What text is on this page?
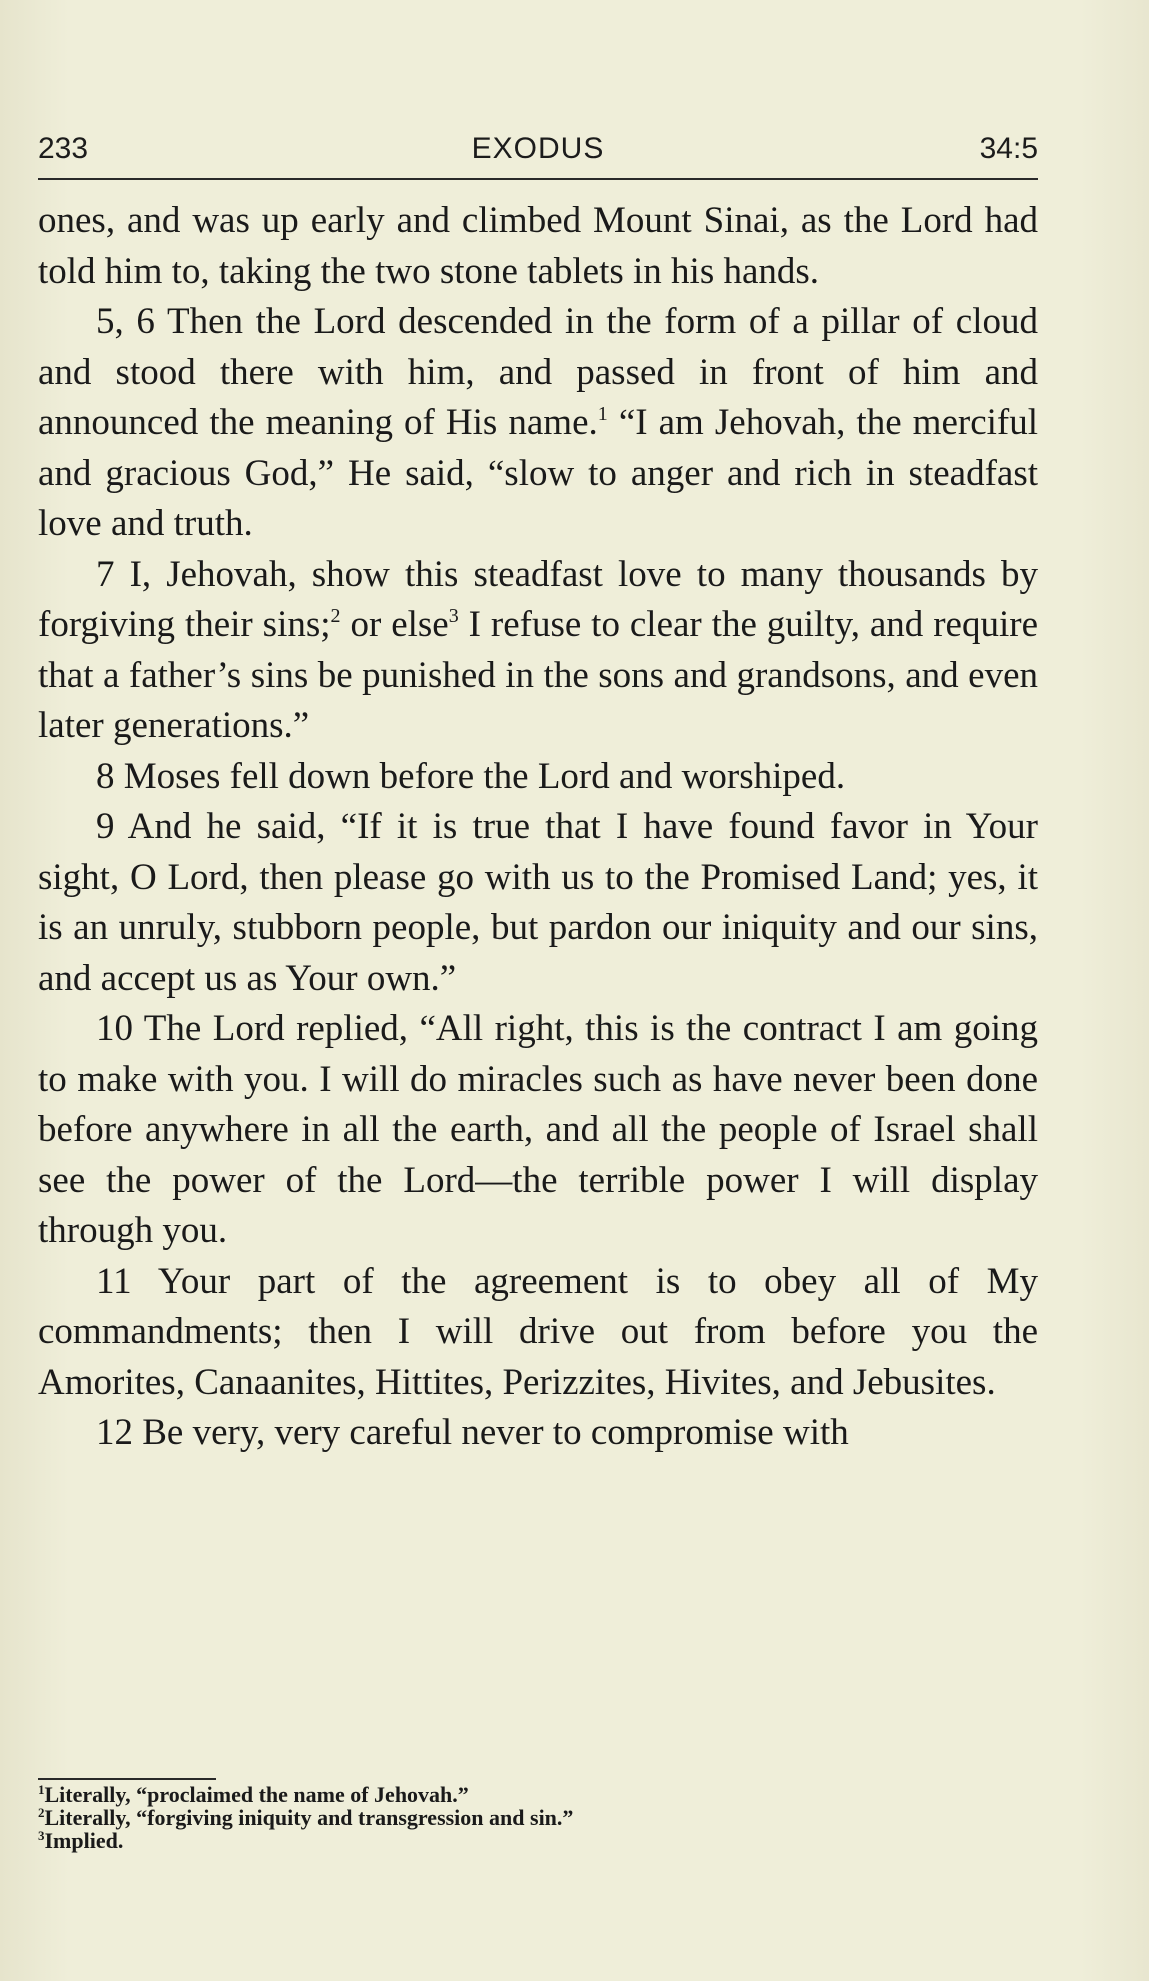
EXODUS
233	34:5

ones, and was up early and climbed Mount Sinai, as the Lord had told him to, taking the two stone tablets in his hands.

5, 6 Then the Lord descended in the form of a pillar of cloud and stood there with him, and passed in front of him and announced the meaning of His name.$^1$ “I am Jehovah, the merciful and gracious God,” He said, “slow to anger and rich in steadfast love and truth.

7 I, Jehovah, show this steadfast love to many thousands by forgiving their sins;$^2$ or else$^3$ I refuse to clear the guilty, and require that a father’s sins be punished in the sons and grandsons, and even later generations.”

8 Moses fell down before the Lord and worshiped.

9 And he said, “If it is true that I have found favor in Your sight, O Lord, then please go with us to the Promised Land; yes, it is an unruly, stubborn people, but pardon our iniquity and our sins, and accept us as Your own.”

10 The Lord replied, “All right, this is the contract I am going to make with you. I will do miracles such as have never been done before anywhere in all the earth, and all the people of Israel shall see the power of the Lord—the terrible power I will display through you.

11 Your part of the agreement is to obey all of My commandments; then I will drive out from before you the Amorites, Canaanites, Hittites, Perizzites, Hivites, and Jebusites.

12 Be very, very careful never to compromise with

$^1$Literally, “proclaimed the name of Jehovah.”
$^2$Literally, “forgiving iniquity and transgression and sin.”
$^3$Implied.
